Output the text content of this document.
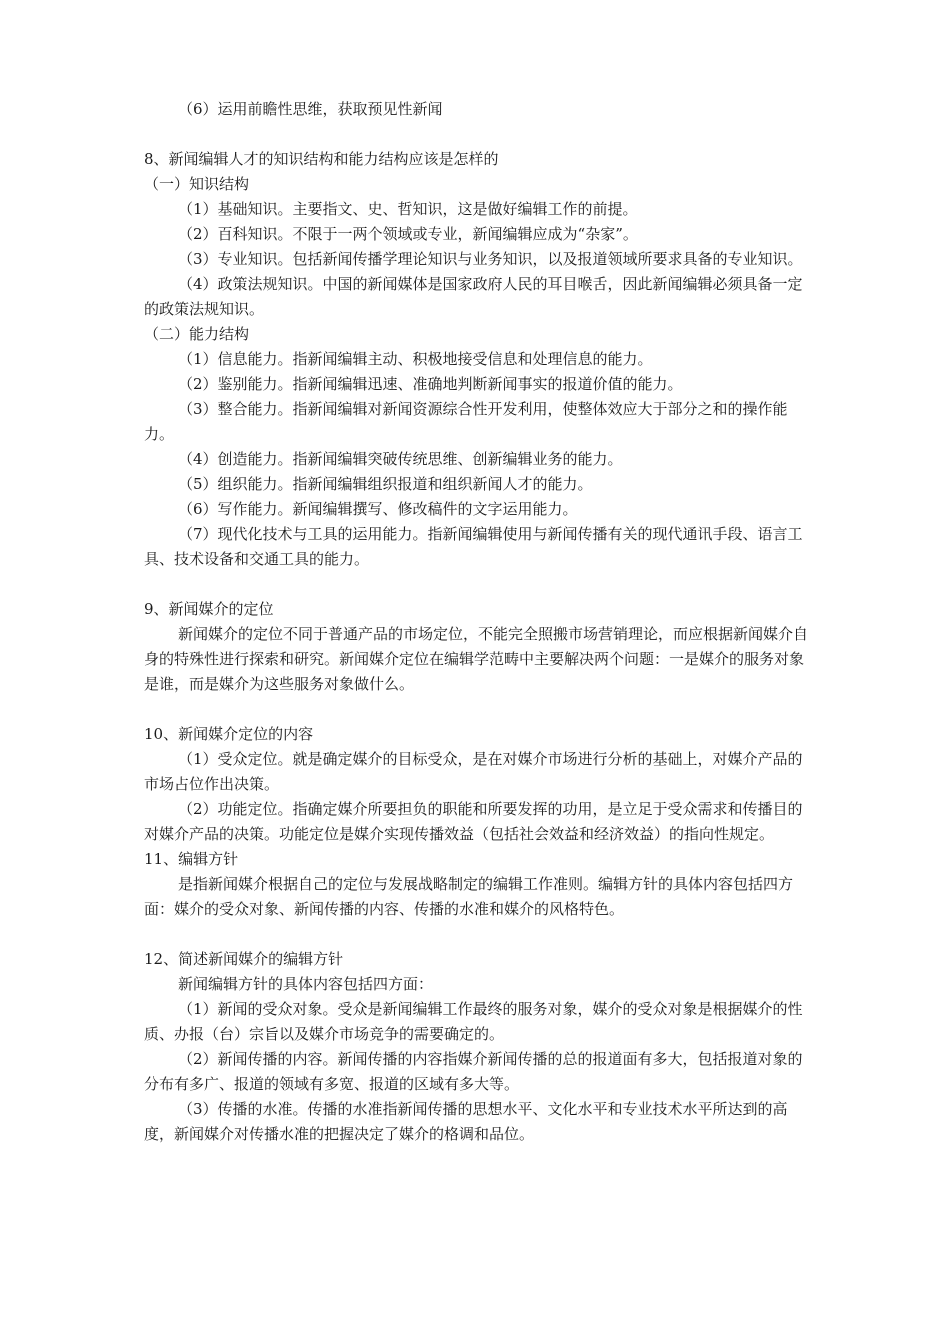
（6）运用前瞻性思维，获取预见性新闻

8、新闻编辑人才的知识结构和能力结构应该是怎样的

（一）知识结构

（1）基础知识。主要指文、史、哲知识，这是做好编辑工作的前提。

（2）百科知识。不限于一两个领域或专业，新闻编辑应成为“杂家”。

（3）专业知识。包括新闻传播学理论知识与业务知识，以及报道领域所要求具备的专业知识。

（4）政策法规知识。中国的新闻媒体是国家政府人民的耳目喉舌，因此新闻编辑必须具备一定的政策法规知识。

（二）能力结构

（1）信息能力。指新闻编辑主动、积极地接受信息和处理信息的能力。

（2）鉴别能力。指新闻编辑迅速、准确地判断新闻事实的报道价值的能力。

（3）整合能力。指新闻编辑对新闻资源综合性开发利用，使整体效应大于部分之和的操作能力。

（4）创造能力。指新闻编辑突破传统思维、创新编辑业务的能力。

（5）组织能力。指新闻编辑组织报道和组织新闻人才的能力。

（6）写作能力。新闻编辑撰写、修改稿件的文字运用能力。

（7）现代化技术与工具的运用能力。指新闻编辑使用与新闻传播有关的现代通讯手段、语言工具、技术设备和交通工具的能力。

9、新闻媒介的定位

新闻媒介的定位不同于普通产品的市场定位，不能完全照搬市场营销理论，而应根据新闻媒介自身的特殊性进行探索和研究。新闻媒介定位在编辑学范畴中主要解决两个问题：一是媒介的服务对象是谁，而是媒介为这些服务对象做什么。

10、新闻媒介定位的内容

（1）受众定位。就是确定媒介的目标受众，是在对媒介市场进行分析的基础上，对媒介产品的市场占位作出决策。

（2）功能定位。指确定媒介所要担负的职能和所要发挥的功用，是立足于受众需求和传播目的对媒介产品的决策。功能定位是媒介实现传播效益（包括社会效益和经济效益）的指向性规定。

11、编辑方针

是指新闻媒介根据自己的定位与发展战略制定的编辑工作准则。编辑方针的具体内容包括四方面：媒介的受众对象、新闻传播的内容、传播的水准和媒介的风格特色。

12、简述新闻媒介的编辑方针

新闻编辑方针的具体内容包括四方面：

（1）新闻的受众对象。受众是新闻编辑工作最终的服务对象，媒介的受众对象是根据媒介的性质、办报（台）宗旨以及媒介市场竞争的需要确定的。

（2）新闻传播的内容。新闻传播的内容指媒介新闻传播的总的报道面有多大，包括报道对象的分布有多广、报道的领域有多宽、报道的区域有多大等。

（3）传播的水准。传播的水准指新闻传播的思想水平、文化水平和专业技术水平所达到的高度，新闻媒介对传播水准的把握决定了媒介的格调和品位。
